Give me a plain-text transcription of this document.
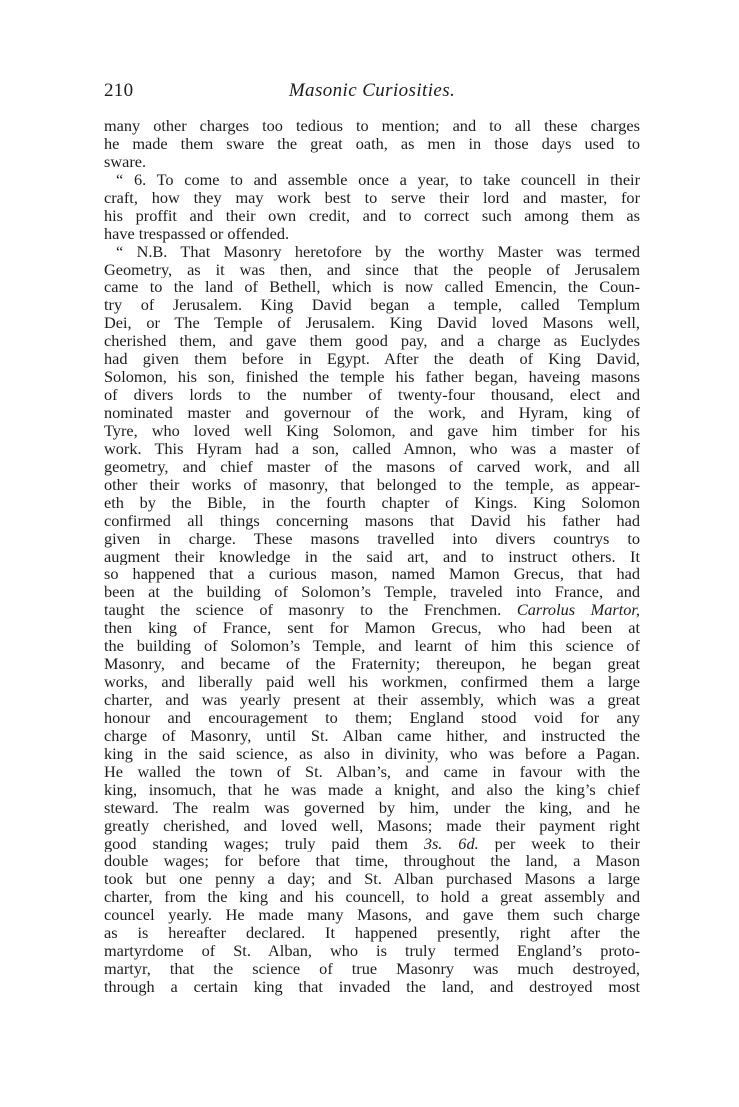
210	Masonic Curiosities.
many other charges too tedious to mention; and to all these charges
he made them sware the great oath, as men in those days used to
sware.
“ 6. To come to and assemble once a year, to take councell in their
craft, how they may work best to serve their lord and master, for
his proffit and their own credit, and to correct such among them as
have trespassed or offended.
“ N.B. That Masonry heretofore by the worthy Master was termed
Geometry, as it was then, and since that the people of Jerusalem
came to the land of Bethell, which is now called Emencin, the Coun-
try of Jerusalem. King David began a temple, called Templum
Dei, or The Temple of Jerusalem. King David loved Masons well,
cherished them, and gave them good pay, and a charge as Euclydes
had given them before in Egypt. After the death of King David,
Solomon, his son, finished the temple his father began, haveing masons
of divers lords to the number of twenty-four thousand, elect and
nominated master and governour of the work, and Hyram, king of
Tyre, who loved well King Solomon, and gave him timber for his
work. This Hyram had a son, called Amnon, who was a master of
geometry, and chief master of the masons of carved work, and all
other their works of masonry, that belonged to the temple, as appear-
eth by the Bible, in the fourth chapter of Kings. King Solomon
confirmed all things concerning masons that David his father had
given in charge. These masons travelled into divers countrys to
augment their knowledge in the said art, and to instruct others. It
so happened that a curious mason, named Mamon Grecus, that had
been at the building of Solomon’s Temple, traveled into France, and
taught the science of masonry to the Frenchmen. Carrolus Martor,
then king of France, sent for Mamon Grecus, who had been at
the building of Solomon’s Temple, and learnt of him this science of
Masonry, and became of the Fraternity; thereupon, he began great
works, and liberally paid well his workmen, confirmed them a large
charter, and was yearly present at their assembly, which was a great
honour and encouragement to them; England stood void for any
charge of Masonry, until St. Alban came hither, and instructed the
king in the said science, as also in divinity, who was before a Pagan.
He walled the town of St. Alban’s, and came in favour with the
king, insomuch, that he was made a knight, and also the king’s chief
steward. The realm was governed by him, under the king, and he
greatly cherished, and loved well, Masons; made their payment right
good standing wages; truly paid them 3s. 6d. per week to their
double wages; for before that time, throughout the land, a Mason
took but one penny a day; and St. Alban purchased Masons a large
charter, from the king and his councell, to hold a great assembly and
councel yearly. He made many Masons, and gave them such charge
as is hereafter declared. It happened presently, right after the
martyrdome of St. Alban, who is truly termed England’s proto-
martyr, that the science of true Masonry was much destroyed,
through a certain king that invaded the land, and destroyed most
